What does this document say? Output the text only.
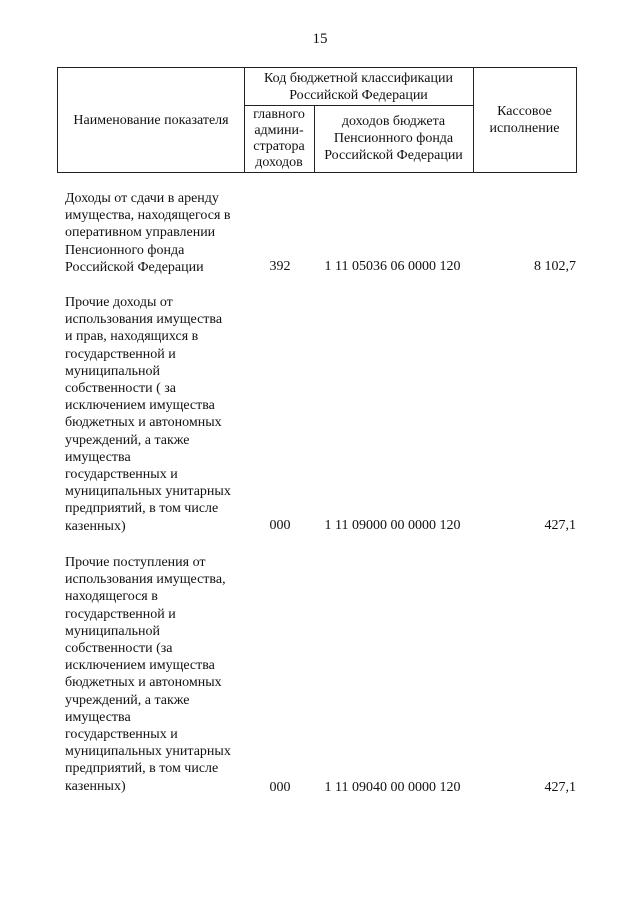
15
Наименование показателя
Код бюджетной классификации
Российской Федерации
главного
админи-
стратора
доходов
доходов бюджета
Пенсионного фонда
Российской Федерации
Кассовое
исполнение
Доходы от сдачи в аренду
имущества, находящегося в
оперативном управлении
Пенсионного фонда
Российской Федерации	392	1 11 05036 06 0000 120	8 102,7
Прочие доходы от
использования имущества
и прав, находящихся в
государственной и
муниципальной
собственности ( за
исключением имущества
бюджетных и автономных
учреждений, а также
имущества
государственных и
муниципальных унитарных
предприятий, в том числе
казенных)	000	1 11 09000 00 0000 120	427,1
Прочие поступления от
использования имущества,
находящегося в
государственной и
муниципальной
собственности (за
исключением имущества
бюджетных и автономных
учреждений, а также
имущества
государственных и
муниципальных унитарных
предприятий, в том числе
казенных)	000	1 11 09040 00 0000 120	427,1
